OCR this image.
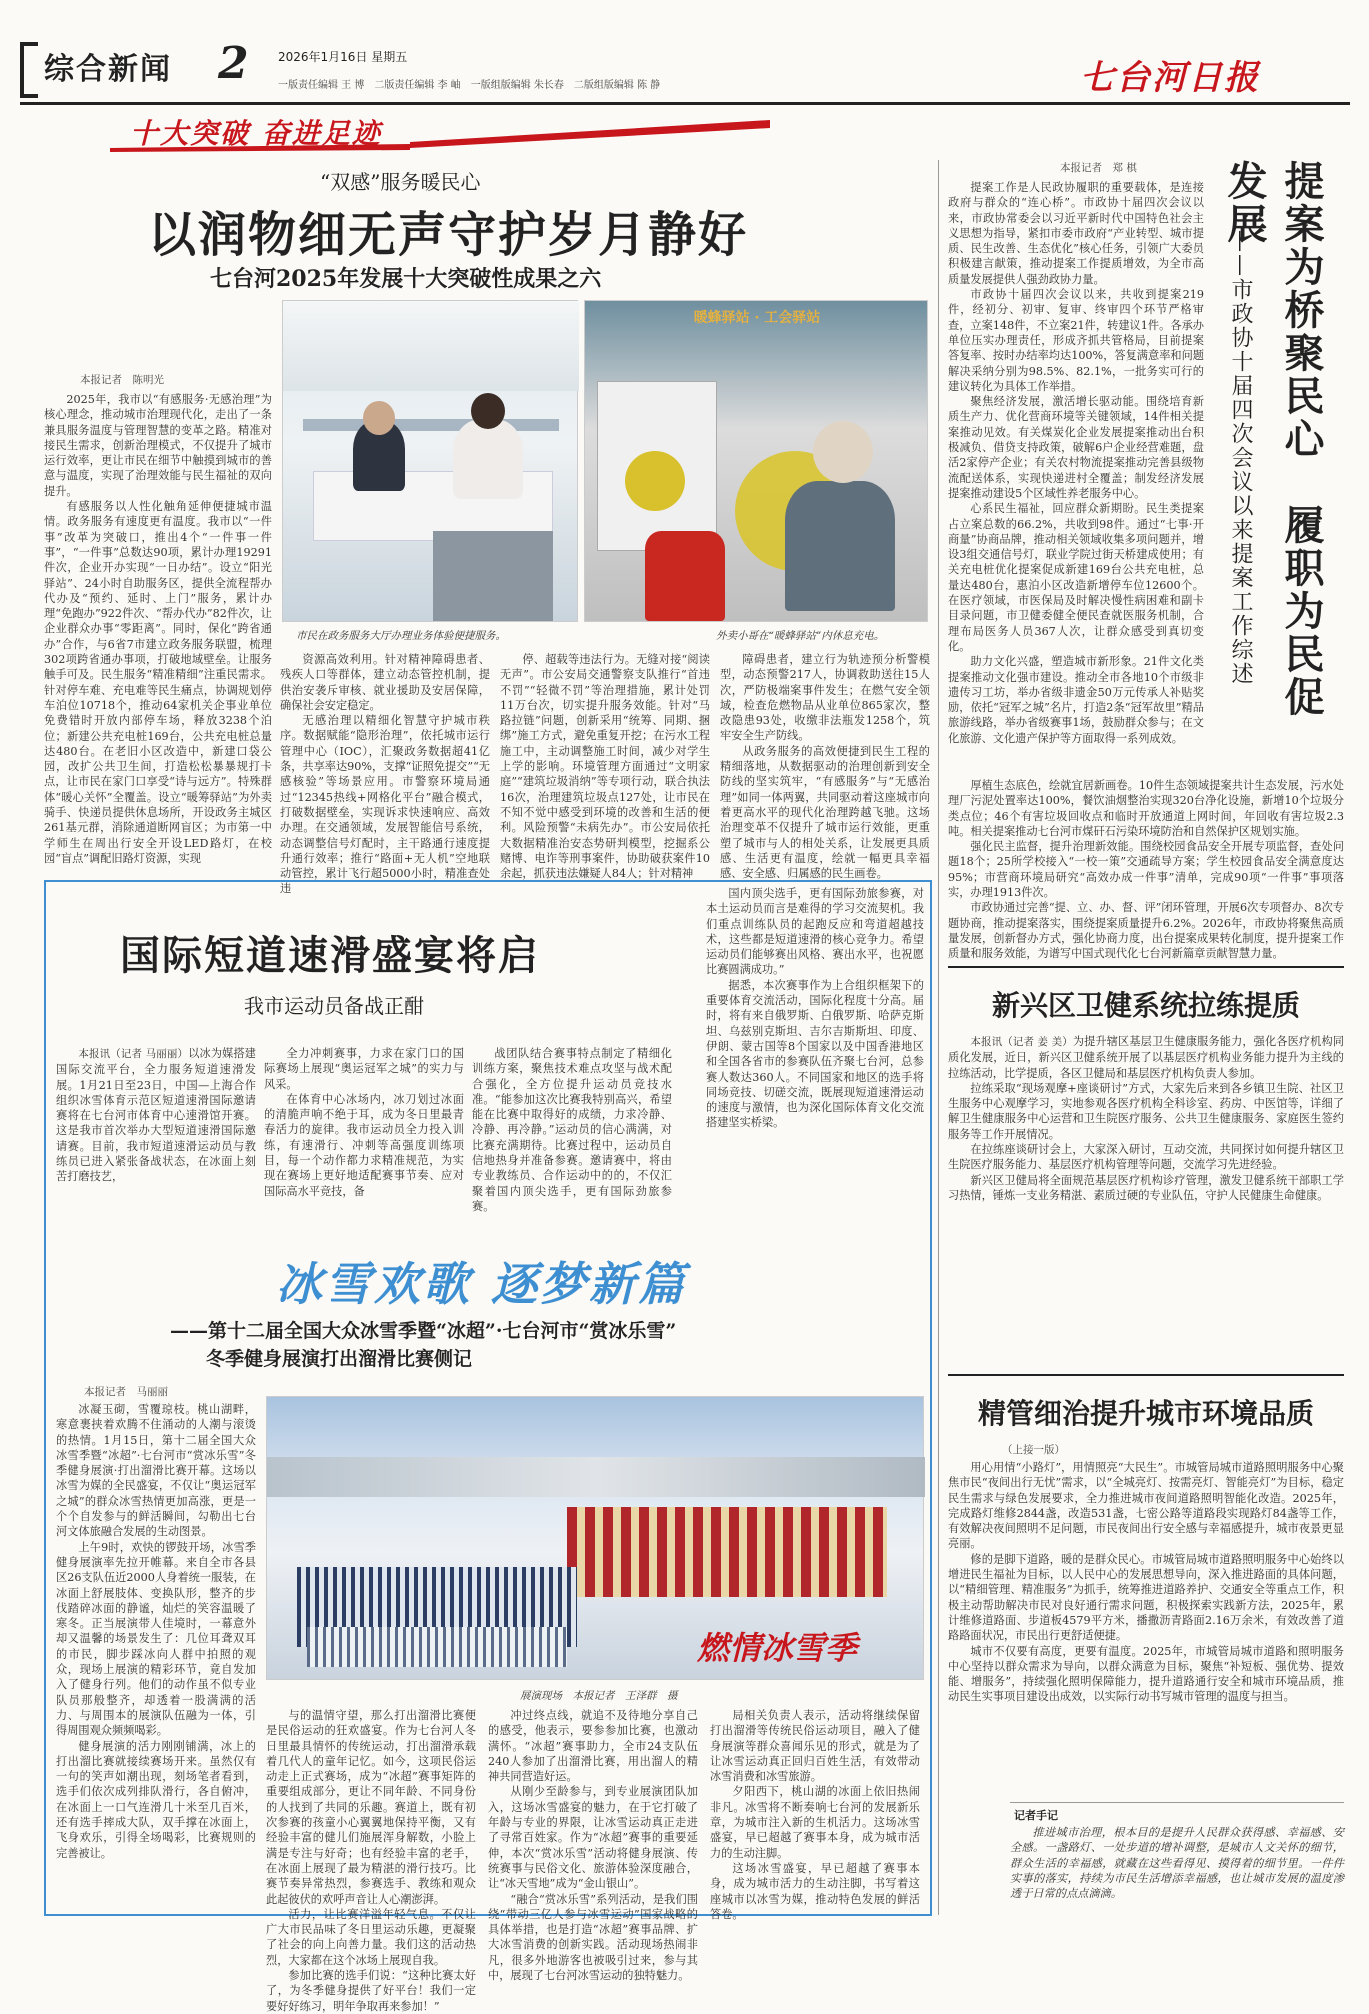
综合新闻 2 2026年1月16日 星期五
一版责任编辑 王 博　二版责任编辑 李 岫　一版组版编辑 朱长春　二版组版编辑 陈 静	七台河日报
十大突破 奋进足迹
“双感”服务暖民心
以润物细无声守护岁月静好
七台河2025年发展十大突破性成果之六
本报记者　陈明光

2025年，我市以“有感服务·无感治理”为核心理念，推动城市治理现代化，走出了一条兼具服务温度与管理智慧的变革之路。精准对接民生需求，创新治理模式，不仅提升了城市运行效率，更让市民在细节中触摸到城市的善意与温度，实现了治理效能与民生福祉的双向提升。

有感服务以人性化触角延伸便捷城市温情。政务服务有速度更有温度。我市以“一件事”改革为突破口，推出4个“一件事一件事”，“一件事”总数达90项，累计办理19291件次，企业开办实现“一日办结”。设立“阳光驿站”、24小时自助服务区，提供全流程帮办代办及“预约、延时、上门”服务，累计办理“免跑办”922件次、“帮办代办”82件次，让企业群众办事“零距离”。同时，保化“跨省通办”合作，与6省7市建立政务服务联盟，梳理302项跨省通办事项，打破地域壁垒。让服务触手可及。民生服务“精准精细”注重民需求。针对停车难、充电难等民生痛点，协调规划停车泊位10718个，推动64家机关企事业单位免费错时开放内部停车场，释放3238个泊位；新建公共充电桩169台，公共充电桩总量达480台。在老旧小区改造中，新建口袋公园，改扩公共卫生间，打造松松暴暴规打卡点，让市民在家门口享受“诗与远方”。特殊群体“暖心关怀”全覆盖。设立“暖筹驿站”为外卖骑手、快递员提供休息场所，开设政务主城区261基元群，消除通道断网盲区；为市第一中学师生在周出行安全开设LED路灯，在校园“盲点”调配旧路灯资源，实现

暖蜂驿站 · 工会驿站
市民在政务服务大厅办理业务体验便捷服务。	外卖小哥在“暖蜂驿站”内休息充电。

资源高效利用。针对精神障碍患者、残疾人口等群体，建立动态管控机制，提供治安袭斥审核、就业援助及安居保障，确保社会安定稳定。

无感治理以精细化智慧守护城市秩序。数据赋能“隐形治理”，依托城市运行管理中心（IOC），汇聚政务数据超41亿条，共享率达90%，支撑“证照免提交”“无感核验”等场景应用。市警察环境局通过“12345热线+网格化平台”融合模式，打破数据壁垒，实现诉求快速响应、高效办理。在交通领域，发展智能信号系统，动态调整信号灯配时，主干路通行速度提升通行效率；推行“路面+无人机”空地联动管控，累计飞行超5000小时，精准查处违

停、超载等违法行为。无缝对接“阅读无声”。市公安局交通警察支队推行“首违不罚”“轻微不罚”等治理措施，累计处罚11万台次，切实提升服务效能。针对“马路拉链”问题，创新采用“统筹、同期、捆绑”施工方式，避免重复开挖；在污水工程施工中，主动调整施工时间，减少对学生上学的影响。环境管理方面通过“文明家庭”“建筑垃圾消纳”等专项行动，联合执法16次，治理建筑垃圾点127处，让市民在不知不觉中感受到环境的改善和生活的便利。风险预警“未病先办”。市公安局依托大数据精准治安态势研判模型，挖掘系公赌博、电诈等刑事案件，协助破获案件10余起，抓获违法嫌疑人84人；针对精神

障碍患者，建立行为轨迹预分析警模型，动态预警217人，协调救助送往15人次，严防极端案事件发生；在燃气安全领域，检查危燃物品从业单位865家次，整改隐患93处，收缴非法瓶发1258个，筑牢安全生产防线。

从政务服务的高效便捷到民生工程的精细落地，从数据驱动的治理创新到安全防线的坚实筑牢，“有感服务”与“无感治理”如同一体两翼，共同驱动着这座城市向着更高水平的现代化治理跨越飞驰。这场治理变革不仅提升了城市运行效能，更重塑了城市与人的相处关系，让发展更具质感、生活更有温度，绘就一幅更具幸福感、安全感、归属感的民生画卷。

提案为桥聚民心　履职为民促发展
——市政协十届四次会议以来提案工作综述
本报记者　郑 棋

提案工作是人民政协履职的重要载体，是连接政府与群众的“连心桥”。市政协十届四次会议以来，市政协常委会以习近平新时代中国特色社会主义思想为指导，紧扣市委市政府“产业转型、城市提质、民生改善、生态优化”核心任务，引领广大委员积极建言献策，推动提案工作提质增效，为全市高质量发展提供人强劲政协力量。

市政协十届四次会议以来，共收到提案219件，经初分、初审、复审、终审四个环节严格审查，立案148件，不立案21件，转建议1件。各承办单位压实办理责任，形成齐抓共管格局，目前提案答复率、按时办结率均达100%，答复满意率和问题解决采纳分别为98.5%、82.1%，一批务实可行的建议转化为具体工作举措。

聚焦经济发展，激活增长驱动能。围绕培育新质生产力、优化营商环境等关键领域，14件相关提案推动见效。有关煤炭化企业发展提案推动出台积极减负、借贷支持政策，破解6户企业经营难题，盘活2家停产企业；有关农村物流提案推动完善县级物流配送体系，实现快递进村全覆盖；制发经济发展提案推动建设5个区域性养老服务中心。

心系民生福祉，回应群众新期盼。民生类提案占立案总数的66.2%，共收到98件。通过“七事·开商量”协商品牌，推动相关领域收集多项问题并，增设3组交通信号灯，联业学院过街天桥建成使用；有关充电桩优化提案促成新建169台公共充电桩，总量达480台，惠泊小区改造新增停车位12600个。在医疗领域，市医保局及时解决慢性病困难和副卡目录问题，市卫健委健全便民查就医服务机制，合理布局医务人员367人次，让群众感受到真切变化。

助力文化兴盛，塑造城市新形象。21件文化类提案推动文化强市建设。推动全市各地10个市级非遗传习工坊，举办省级非遗金50万元传承人补贴奖励，依托“冠军之城”名片，打造2条“冠军故里”精品旅游线路，举办省级赛事1场，鼓励群众参与；在文化旅游、文化遗产保护等方面取得一系列成效。

厚植生态底色，绘就宜居新画卷。10件生态领域提案共计生态发展，污水处理厂污泥处置率达100%，餐饮油烟整治实现320台净化设施，新增10个垃圾分类点位；46个有害垃圾回收点和临时开放通道上网时间，年回收有害垃圾2.3吨。相关提案推动七台河市煤矸石污染环境防治和自然保护区规划实施。

强化民主监督，提升治理新效能。围绕校园食品安全开展专项监督，查处问题18个；25所学校接入“一校一策”交通疏导方案；学生校园食品安全满意度达95%；市营商环境局研究“高效办成一件事”清单，完成90项“一件事”事项落实，办理1913件次。

市政协通过完善“提、立、办、督、评”闭环管理，开展6次专项督办、8次专题协商，推动提案落实，围绕提案质量提升6.2%。2026年，市政协将聚焦高质量发展，创新督办方式，强化协商力度，出台提案成果转化制度，提升提案工作质量和服务效能，为谱写中国式现代化七台河新篇章贡献智慧力量。

新兴区卫健系统拉练提质

本报讯（记者 姜 美）为提升辖区基层卫生健康服务能力，强化各医疗机构同质化发展，近日，新兴区卫健系统开展了以基层医疗机构业务能力提升为主线的拉练活动，比学提质，各区卫健局和基层医疗机构负责人参加。

拉练采取“现场观摩+座谈研讨”方式，大家先后来到各乡镇卫生院、社区卫生服务中心观摩学习，实地参观各医疗机构全科诊室、药房、中医馆等，详细了解卫生健康服务中心运营和卫生院医疗服务、公共卫生健康服务、家庭医生签约服务等工作开展情况。

在拉练座谈研讨会上，大家深入研讨，互动交流，共同探讨如何提升辖区卫生院医疗服务能力、基层医疗机构管理等问题，交流学习先进经验。

新兴区卫健局将全面规范基层医疗机构诊疗管理，激发卫健系统干部职工学习热情，锤炼一支业务精湛、素质过硬的专业队伍，守护人民健康生命健康。

精管细治提升城市环境品质
（上接一版）

用心用情“小路灯”，用情照亮“大民生”。市城管局城市道路照明服务中心聚焦市民“夜间出行无忧”需求，以“全城亮灯、按需亮灯、智能亮灯”为目标，稳定民生需求与绿色发展要求，全力推进城市夜间道路照明智能化改造。2025年，完成路灯维修2844盏，改造531盏，七密公路等道路段实现路灯84盏等工作，有效解决夜间照明不足问题，市民夜间出行安全感与幸福感提升，城市夜景更显亮丽。

修的是脚下道路，暖的是群众民心。市城管局城市道路照明服务中心始终以增进民生福祉为目标，以人民中心的发展思想导向，深入推进路面的具体问题，以“精细管理、精准服务”为抓手，统筹推进道路养护、交通安全等重点工作，积极主动帮助解决市民对良好通行需求问题，积极探索实践新方法，2025年，累计维修道路面、步道板4579平方米，播撒沥青路面2.16万余米，有效改善了道路路面状况，市民出行更舒适便捷。

城市不仅要有高度，更要有温度。2025年，市城管局城市道路和照明服务中心坚持以群众需求为导向，以群众满意为目标，聚焦“补短板、强优势、提效能、增服务”，持续强化照明保障能力，提升道路通行安全和城市环境品质，推动民生实事项目建设出成效，以实际行动书写城市管理的温度与担当。

记者手记
推进城市治理，根本目的是提升人民群众获得感、幸福感、安全感。一盏路灯、一处步道的增补调整，是城市人文关怀的细节，群众生活的幸福感，就藏在这些看得见、摸得着的细节里。一件件实事的落实，持续为市民生活增添幸福感，也让城市发展的温度渗透于日常的点点滴滴。
国际短道速滑盛宴将启
我市运动员备战正酣

本报讯（记者 马丽丽）以冰为媒搭建国际交流平台，全力服务短道速滑发展。1月21日至23日，中国—上海合作组织冰雪体育示范区短道速滑国际邀请赛将在七台河市体育中心速滑馆开赛。这是我市首次举办大型短道速滑国际邀请赛。目前，我市短道速滑运动员与教练员已进入紧张备战状态，在冰面上刻苦打磨技艺，

全力冲刺赛事，力求在家门口的国际赛场上展现“奥运冠军之城”的实力与风采。

在体育中心冰场内，冰刀划过冰面的清脆声响不绝于耳，成为冬日里最青春活力的旋律。我市运动员全力投入训练，有速滑行、冲刺等高强度训练项目，每一个动作都力求精准规范，为实现在赛场上更好地适配赛事节奏、应对国际高水平竞技，备

战团队结合赛事特点制定了精细化训练方案，聚焦技术难点攻坚与战术配合强化，全方位提升运动员竞技水准。“能参加这次比赛我特别高兴，希望能在比赛中取得好的成绩，力求冷静、冷静、再冷静。”运动员的信心满满，对比赛充满期待。比赛过程中，运动员自信地热身并准备参赛。邀请赛中，将由专业教练员、合作运动中的的，不仅汇聚着国内顶尖选手，更有国际劲旅参赛。

国内顶尖选手，更有国际劲旅参赛，对本土运动员而言是难得的学习交流契机。我们重点训练队员的起跑反应和弯道超越技术，这些都是短道速滑的核心竞争力。希望运动员们能够赛出风格、赛出水平，也祝愿比赛圆满成功。”

据悉，本次赛事作为上合组织框架下的重要体育交流活动，国际化程度十分高。届时，将有来自俄罗斯、白俄罗斯、哈萨克斯坦、乌兹别克斯坦、吉尔吉斯斯坦、印度、伊朗、蒙古国等8个国家以及中国香港地区和全国各省市的参赛队伍齐聚七台河，总参赛人数达360人。不同国家和地区的选手将同场竞技、切磋交流，既展现短道速滑运动的速度与激情，也为深化国际体育文化交流搭建坚实桥梁。

冰雪欢歌 逐梦新篇
——第十二届全国大众冰雪季暨“冰超”·七台河市“赏冰乐雪”
冬季健身展演打出溜滑比赛侧记
本报记者　马丽丽

冰凝玉砌，雪覆琼枝。桃山湖畔，寒意裹挟着欢腾不住涌动的人潮与滚烫的热情。1月15日，第十二届全国大众冰雪季暨“冰超”·七台河市“赏冰乐雪”冬季健身展演·打出溜滑比赛开幕。这场以冰雪为媒的全民盛宴，不仅让“奥运冠军之城”的群众冰雪热情更加高涨，更是一个个自发参与的鲜活瞬间，勾勒出七台河文体旅融合发展的生动图景。

上午9时，欢快的锣鼓开场，冰雪季健身展演率先拉开帷幕。来自全市各县区26支队伍近2000人身着统一服装，在冰面上舒展肢体、变换队形，整齐的步伐踏碎冰面的静谧，灿烂的笑容温暖了寒冬。正当展演带人佳境时，一幕意外却又温馨的场景发生了：几位耳聋双耳的市民，脚步踩冰向人群中拍照的观众，现场上展演的精彩环节，竟自发加入了健身行列。他们的动作虽不似专业队员那般整齐，却透着一股满满的活力、与周围本的展演队伍融为一体，引得周围观众频频喝彩。

健身展演的活力刚刚铺满，冰上的打出溜比赛就接续赛场开来。虽然仅有一句的笑声如潮出现，刻场笔者看到，选手们依次成列排队滑行，各自俯冲，在冰面上一口气连滑几十米至几百米，还有选手摔成大队，双手撑在冰面上，飞身欢乐，引得全场喝彩，比赛规则的完善被让。

燃情冰雪季
展演现场　本报记者　王泽群　摄

与的温情守望，那么打出溜滑比赛便是民俗运动的狂欢盛宴。作为七台河人冬日里最具情怀的传统运动，打出溜滑承载着几代人的童年记忆。如今，这项民俗运动走上正式赛场，成为“冰超”赛事矩阵的重要组成部分，更让不同年龄、不同身份的人找到了共同的乐趣。赛道上，既有初次参赛的孩童小心翼翼地保持平衡，又有经验丰富的健儿们施展浑身解数，小脸上满是专注与好奇；也有经验丰富的老手，在冰面上展现了最为精湛的滑行技巧。比赛节奏异常热烈，参赛选手、教练和观众此起彼伏的欢呼声音让人心潮澎湃。

活力，让比赛洋溢年轻气息。不仅让广大市民品味了冬日里运动乐趣，更凝聚了社会的向上向善力量。我们这的活动热烈，大家都在这个冰场上展现自我。

参加比赛的选手们说：“这种比赛太好了，为冬季健身提供了好平台！我们一定要好好练习，明年争取再来参加！”

冲过终点线，就追不及待地分享自己的感受，他表示，要参参加比赛，也激动满怀。“冰超”赛事助力，全市24支队伍240人参加了出溜滑比赛，用出溜人的精神共同营造好运。

从刚少至龄参与，到专业展演团队加入，这场冰雪盛宴的魅力，在于它打破了年龄与专业的界限，让冰雪运动真正走进了寻常百姓家。作为“冰超”赛事的重要延伸，本次“赏冰乐雪”活动将健身展演、传统赛事与民俗文化、旅游体验深度融合，让“冰天雪地”成为“金山银山”。

“融合“赏冰乐雪”系列活动，是我们围绕“带动三亿人参与冰雪运动”国家战略的具体举措，也是打造“冰超”赛事品牌、扩大冰雪消费的创新实践。活动现场热闹非凡，很多外地游客也被吸引过来，参与其中，展现了七台河冰雪运动的独特魅力。

局相关负责人表示，活动将继续保留打出溜滑等传统民俗运动项目，融入了健身展演等群众喜闻乐见的形式，就是为了让冰雪运动真正回归百姓生活，有效带动冰雪消费和冰雪旅游。

夕阳西下，桃山湖的冰面上依旧热闹非凡。冰雪将不断奏响七台河的发展新乐章，为城市注入新的生机活力。这场冰雪盛宴，早已超越了赛事本身，成为城市活力的生动注脚。

这场冰雪盛宴，早已超越了赛事本身，成为城市活力的生动注脚，书写着这座城市以冰雪为媒，推动特色发展的鲜活答卷。
